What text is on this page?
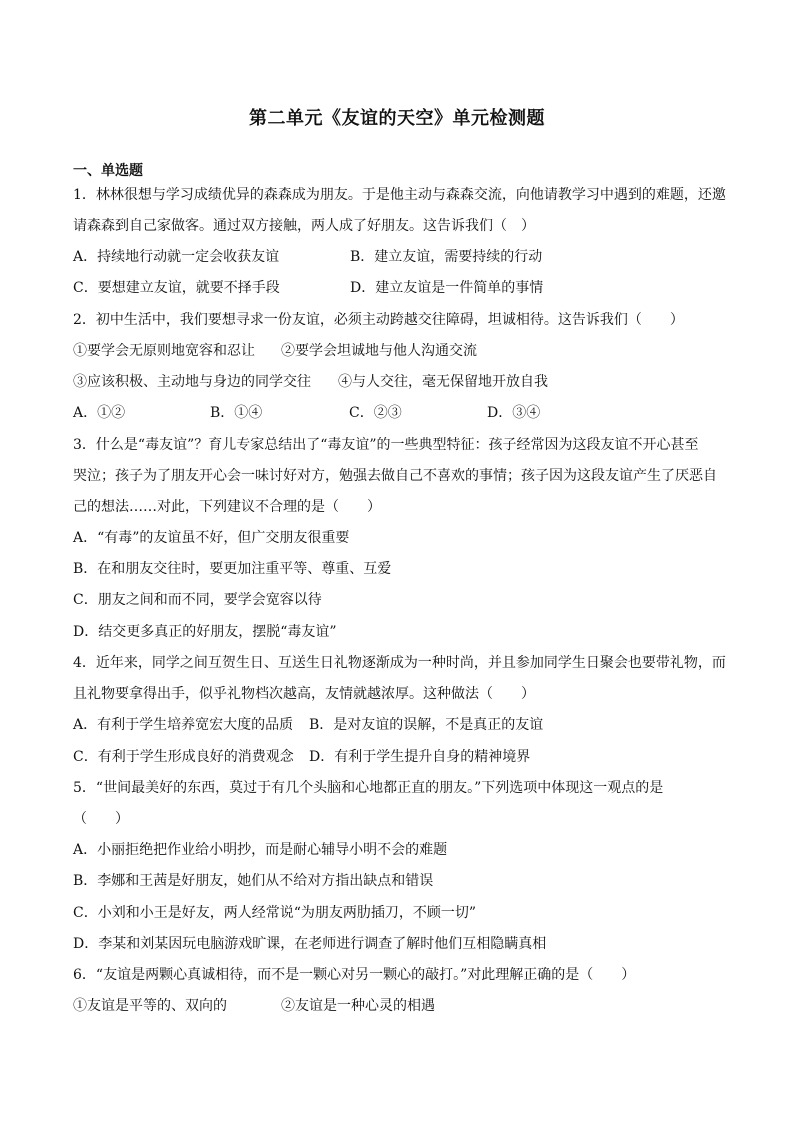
第二单元《友谊的天空》单元检测题
一、单选题
1．林林很想与学习成绩优异的森森成为朋友。于是他主动与森森交流，向他请教学习中遇到的难题，还邀
请森森到自己家做客。通过双方接触，两人成了好朋友。这告诉我们（　）
A．持续地行动就一定会收获友谊	B．建立友谊，需要持续的行动
C．要想建立友谊，就要不择手段	D．建立友谊是一件简单的事情
2．初中生活中，我们要想寻求一份友谊，必须主动跨越交往障碍，坦诚相待。这告诉我们（　　）
①要学会无原则地宽容和忍让 ②要学会坦诚地与他人沟通交流
③应该积极、主动地与身边的同学交往 ④与人交往，毫无保留地开放自我
A．①②	B．①④	C．②③	D．③④
3．什么是“毒友谊”？育儿专家总结出了“毒友谊”的一些典型特征：孩子经常因为这段友谊不开心甚至
哭泣；孩子为了朋友开心会一味讨好对方，勉强去做自己不喜欢的事情；孩子因为这段友谊产生了厌恶自
己的想法……对此，下列建议不合理的是（　　）
A．“有毒”的友谊虽不好，但广交朋友很重要
B．在和朋友交往时，要更加注重平等、尊重、互爱
C．朋友之间和而不同，要学会宽容以待
D．结交更多真正的好朋友，摆脱“毒友谊”
4．近年来，同学之间互贺生日、互送生日礼物逐渐成为一种时尚，并且参加同学生日聚会也要带礼物，而
且礼物要拿得出手，似乎礼物档次越高，友情就越浓厚。这种做法（　　）
A．有利于学生培养宽宏大度的品质 B．是对友谊的误解，不是真正的友谊
C．有利于学生形成良好的消费观念 D．有利于学生提升自身的精神境界
5．“世间最美好的东西，莫过于有几个头脑和心地都正直的朋友。”下列选项中体现这一观点的是
（　　）
A．小丽拒绝把作业给小明抄，而是耐心辅导小明不会的难题
B．李娜和王茜是好朋友，她们从不给对方指出缺点和错误
C．小刘和小王是好友，两人经常说“为朋友两肋插刀，不顾一切”
D．李某和刘某因玩电脑游戏旷课，在老师进行调查了解时他们互相隐瞒真相
6．“友谊是两颗心真诚相待，而不是一颗心对另一颗心的敲打。”对此理解正确的是（　　）
①友谊是平等的、双向的	②友谊是一种心灵的相遇
